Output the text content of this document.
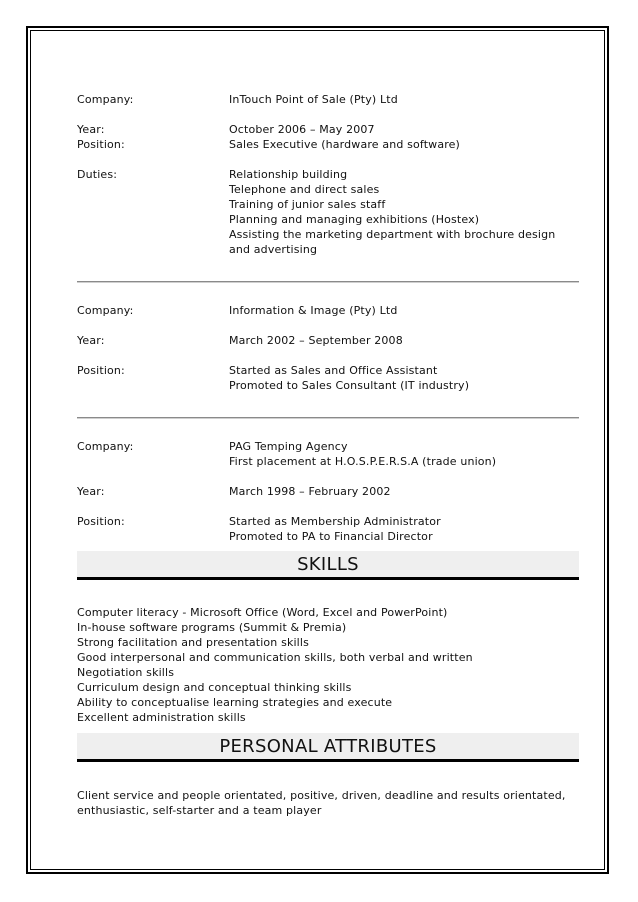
Company:	InTouch Point of Sale (Pty) Ltd
Year:	October 2006 – May 2007
Position:	Sales Executive (hardware and software)
Duties:	Relationship building
Telephone and direct sales
Training of junior sales staff
Planning and managing exhibitions (Hostex)
Assisting the marketing department with brochure design and advertising
Company:	Information & Image (Pty) Ltd
Year:	March 2002 – September 2008
Position:	Started as Sales and Office Assistant
Promoted to Sales Consultant (IT industry)
Company:	PAG Temping Agency
First placement at H.O.S.P.E.R.S.A (trade union)
Year:	March 1998 – February 2002
Position:	Started as Membership Administrator
Promoted to PA to Financial Director
SKILLS
Computer literacy - Microsoft Office (Word, Excel and PowerPoint)
In-house software programs (Summit & Premia)
Strong facilitation and presentation skills
Good interpersonal and communication skills, both verbal and written
Negotiation skills
Curriculum design and conceptual thinking skills
Ability to conceptualise learning strategies and execute
Excellent administration skills
PERSONAL ATTRIBUTES
Client service and people orientated, positive, driven, deadline and results orientated,
enthusiastic, self-starter and a team player
